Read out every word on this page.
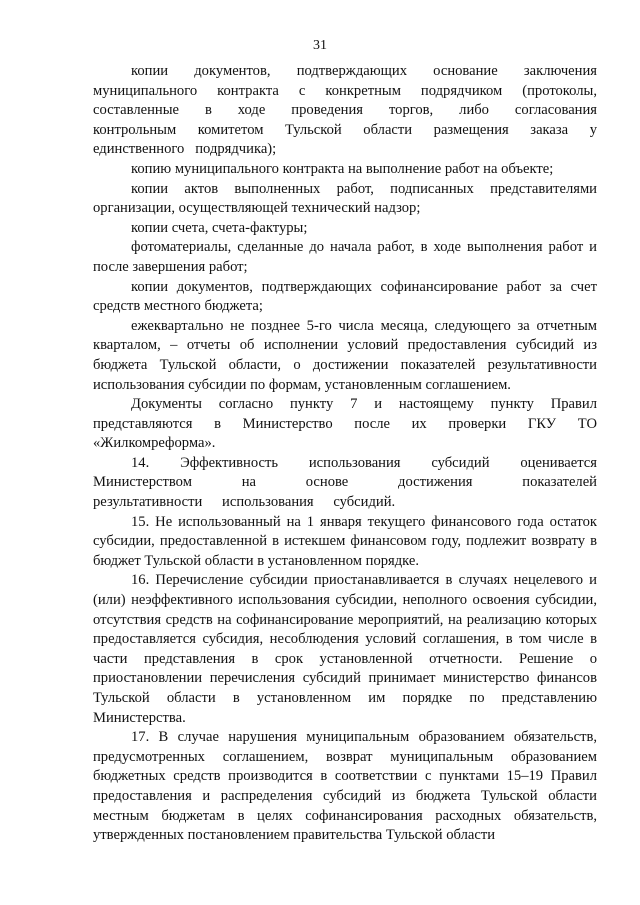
31

копии документов, подтверждающих основание заключения муниципального контракта с конкретным подрядчиком (протоколы, составленные в ходе проведения торгов, либо согласования контрольным комитетом Тульской области размещения заказа у единственного подрядчика);

копию муниципального контракта на выполнение работ на объекте;

копии актов выполненных работ, подписанных представителями организации, осуществляющей технический надзор;

копии счета, счета-фактуры;

фотоматериалы, сделанные до начала работ, в ходе выполнения работ и после завершения работ;

копии документов, подтверждающих софинансирование работ за счет средств местного бюджета;

ежеквартально не позднее 5-го числа месяца, следующего за отчетным кварталом, – отчеты об исполнении условий предоставления субсидий из бюджета Тульской области, о достижении показателей результативности использования субсидии по формам, установленным соглашением.

Документы согласно пункту 7 и настоящему пункту Правил представляются в Министерство после их проверки ГКУ ТО «Жилкомреформа».

14. Эффективность использования субсидий оценивается Министерством на основе достижения показателей результативности использования субсидий.

15. Не использованный на 1 января текущего финансового года остаток субсидии, предоставленной в истекшем финансовом году, подлежит возврату в бюджет Тульской области в установленном порядке.

16. Перечисление субсидии приостанавливается в случаях нецелевого и (или) неэффективного использования субсидии, неполного освоения субсидии, отсутствия средств на софинансирование мероприятий, на реализацию которых предоставляется субсидия, несоблюдения условий соглашения, в том числе в части представления в срок установленной отчетности. Решение о приостановлении перечисления субсидий принимает министерство финансов Тульской области в установленном им порядке по представлению Министерства.

17. В случае нарушения муниципальным образованием обязательств, предусмотренных соглашением, возврат муниципальным образованием бюджетных средств производится в соответствии с пунктами 15–19 Правил предоставления и распределения субсидий из бюджета Тульской области местным бюджетам в целях софинансирования расходных обязательств, утвержденных постановлением правительства Тульской области
